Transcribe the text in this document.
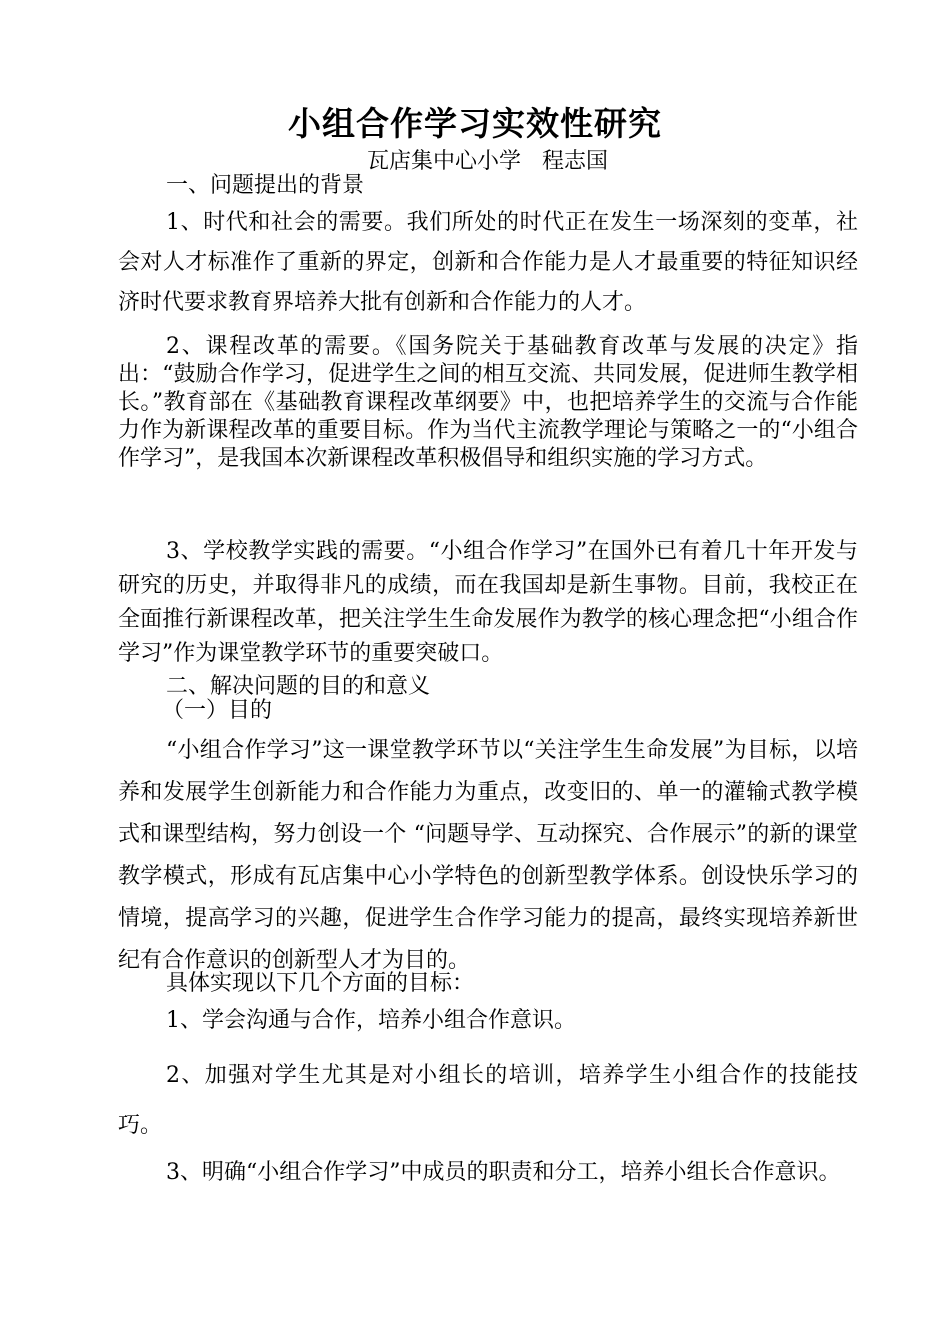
小组合作学习实效性研究
瓦店集中心小学   程志国
一、问题提出的背景
1、时代和社会的需要。我们所处的时代正在发生一场深刻的变革，社会对人才标准作了重新的界定，创新和合作能力是人才最重要的特征知识经济时代要求教育界培养大批有创新和合作能力的人才。
2、课程改革的需要。《国务院关于基础教育改革与发展的决定》指出：“鼓励合作学习，促进学生之间的相互交流、共同发展，促进师生教学相长。”教育部在《基础教育课程改革纲要》中，也把培养学生的交流与合作能力作为新课程改革的重要目标。作为当代主流教学理论与策略之一的“小组合作学习”，是我国本次新课程改革积极倡导和组织实施的学习方式。
3、学校教学实践的需要。“小组合作学习”在国外已有着几十年开发与研究的历史，并取得非凡的成绩，而在我国却是新生事物。目前，我校正在全面推行新课程改革，把关注学生生命发展作为教学的核心理念把“小组合作学习”作为课堂教学环节的重要突破口。
二、解决问题的目的和意义
（一）目的
“小组合作学习”这一课堂教学环节以“关注学生生命发展”为目标，以培养和发展学生创新能力和合作能力为重点，改变旧的、单一的灌输式教学模式和课型结构，努力创设一个 “问题导学、互动探究、合作展示”的新的课堂教学模式，形成有瓦店集中心小学特色的创新型教学体系。创设快乐学习的情境，提高学习的兴趣，促进学生合作学习能力的提高，最终实现培养新世纪有合作意识的创新型人才为目的。
具体实现以下几个方面的目标：
1、学会沟通与合作，培养小组合作意识。
2、加强对学生尤其是对小组长的培训，培养学生小组合作的技能技巧。
3、明确“小组合作学习”中成员的职责和分工，培养小组长合作意识。
